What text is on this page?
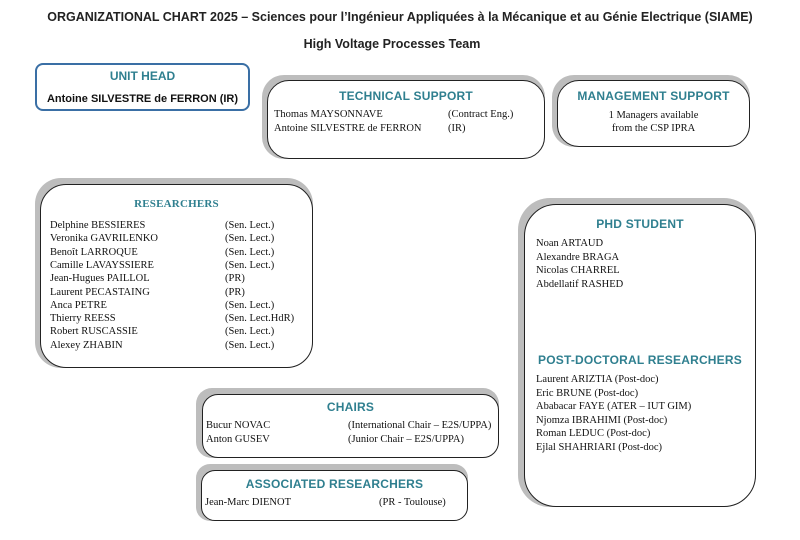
ORGANIZATIONAL CHART 2025 – Sciences pour l’Ingénieur Appliquées à la Mécanique et au Génie Electrique (SIAME)
High Voltage Processes Team
UNIT HEAD
Antoine SILVESTRE de FERRON (IR)	TECHNICAL SUPPORT
Thomas MAYSONNAVE	(Contract Eng.)
Antoine SILVESTRE de FERRON	(IR)
MANAGEMENT SUPPORT
1 Managers available
from the CSP IPRA
RESEARCHERS
Delphine BESSIERES	(Sen. Lect.)
Veronika GAVRILENKO	(Sen. Lect.)
Benoît LARROQUE	(Sen. Lect.)
Camille LAVAYSSIERE	(Sen. Lect.)
Jean-Hugues PAILLOL	(PR)
Laurent PECASTAING	(PR)
Anca PETRE	(Sen. Lect.)
Thierry REESS	(Sen. Lect.HdR)
Robert RUSCASSIE	(Sen. Lect.)
Alexey ZHABIN	(Sen. Lect.)
PHD STUDENT
Noan ARTAUD
Alexandre BRAGA
Nicolas CHARREL
Abdellatif RASHED
POST-DOCTORAL RESEARCHERS
Laurent ARIZTIA (Post-doc)
Eric BRUNE (Post-doc)
Ababacar FAYE (ATER – IUT GIM)
Njomza IBRAHIMI (Post-doc)
Roman LEDUC (Post-doc)
Ejlal SHAHRIARI (Post-doc)
CHAIRS
Bucur NOVAC	(International Chair – E2S/UPPA)
Anton GUSEV	(Junior Chair – E2S/UPPA)
ASSOCIATED RESEARCHERS
Jean-Marc DIENOT	(PR - Toulouse)
